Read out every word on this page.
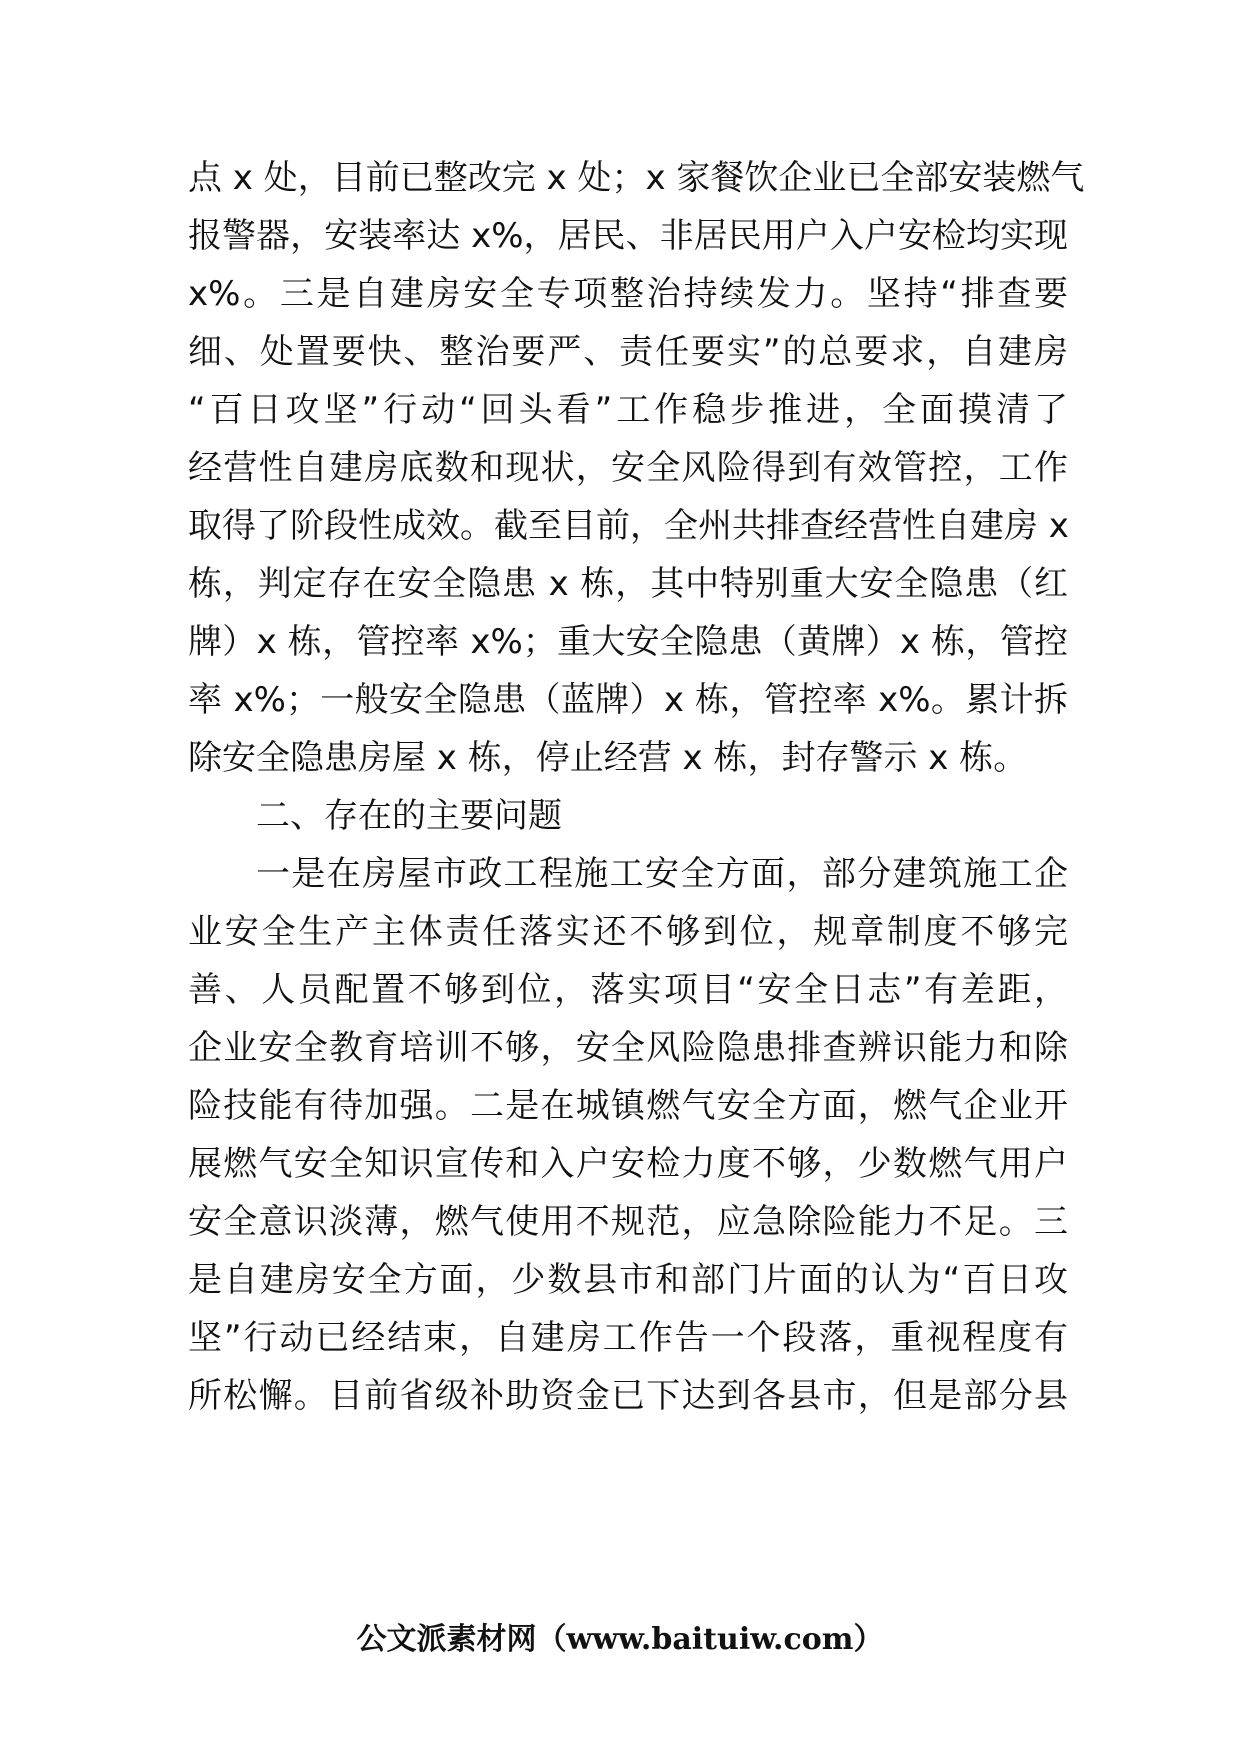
点 x 处，目前已整改完 x 处；x 家餐饮企业已全部安装燃气
报警器，安装率达 x%，居民、非居民用户入户安检均实现
x%。三是自建房安全专项整治持续发力。坚持“排查要
细、处置要快、整治要严、责任要实”的总要求，自建房
“百日攻坚”行动“回头看”工作稳步推进，全面摸清了
经营性自建房底数和现状，安全风险得到有效管控，工作
取得了阶段性成效。截至目前，全州共排查经营性自建房 x
栋，判定存在安全隐患 x 栋，其中特别重大安全隐患（红
牌）x 栋，管控率 x%；重大安全隐患（黄牌）x 栋，管控
率 x%；一般安全隐患（蓝牌）x 栋，管控率 x%。累计拆
除安全隐患房屋 x 栋，停止经营 x 栋，封存警示 x 栋。
二、存在的主要问题
一是在房屋市政工程施工安全方面，部分建筑施工企
业安全生产主体责任落实还不够到位，规章制度不够完
善、人员配置不够到位，落实项目“安全日志”有差距，
企业安全教育培训不够，安全风险隐患排查辨识能力和除
险技能有待加强。二是在城镇燃气安全方面，燃气企业开
展燃气安全知识宣传和入户安检力度不够，少数燃气用户
安全意识淡薄，燃气使用不规范，应急除险能力不足。三
是自建房安全方面，少数县市和部门片面的认为“百日攻
坚”行动已经结束，自建房工作告一个段落，重视程度有
所松懈。目前省级补助资金已下达到各县市，但是部分县
公文派素材网（www.baituiw.com）
